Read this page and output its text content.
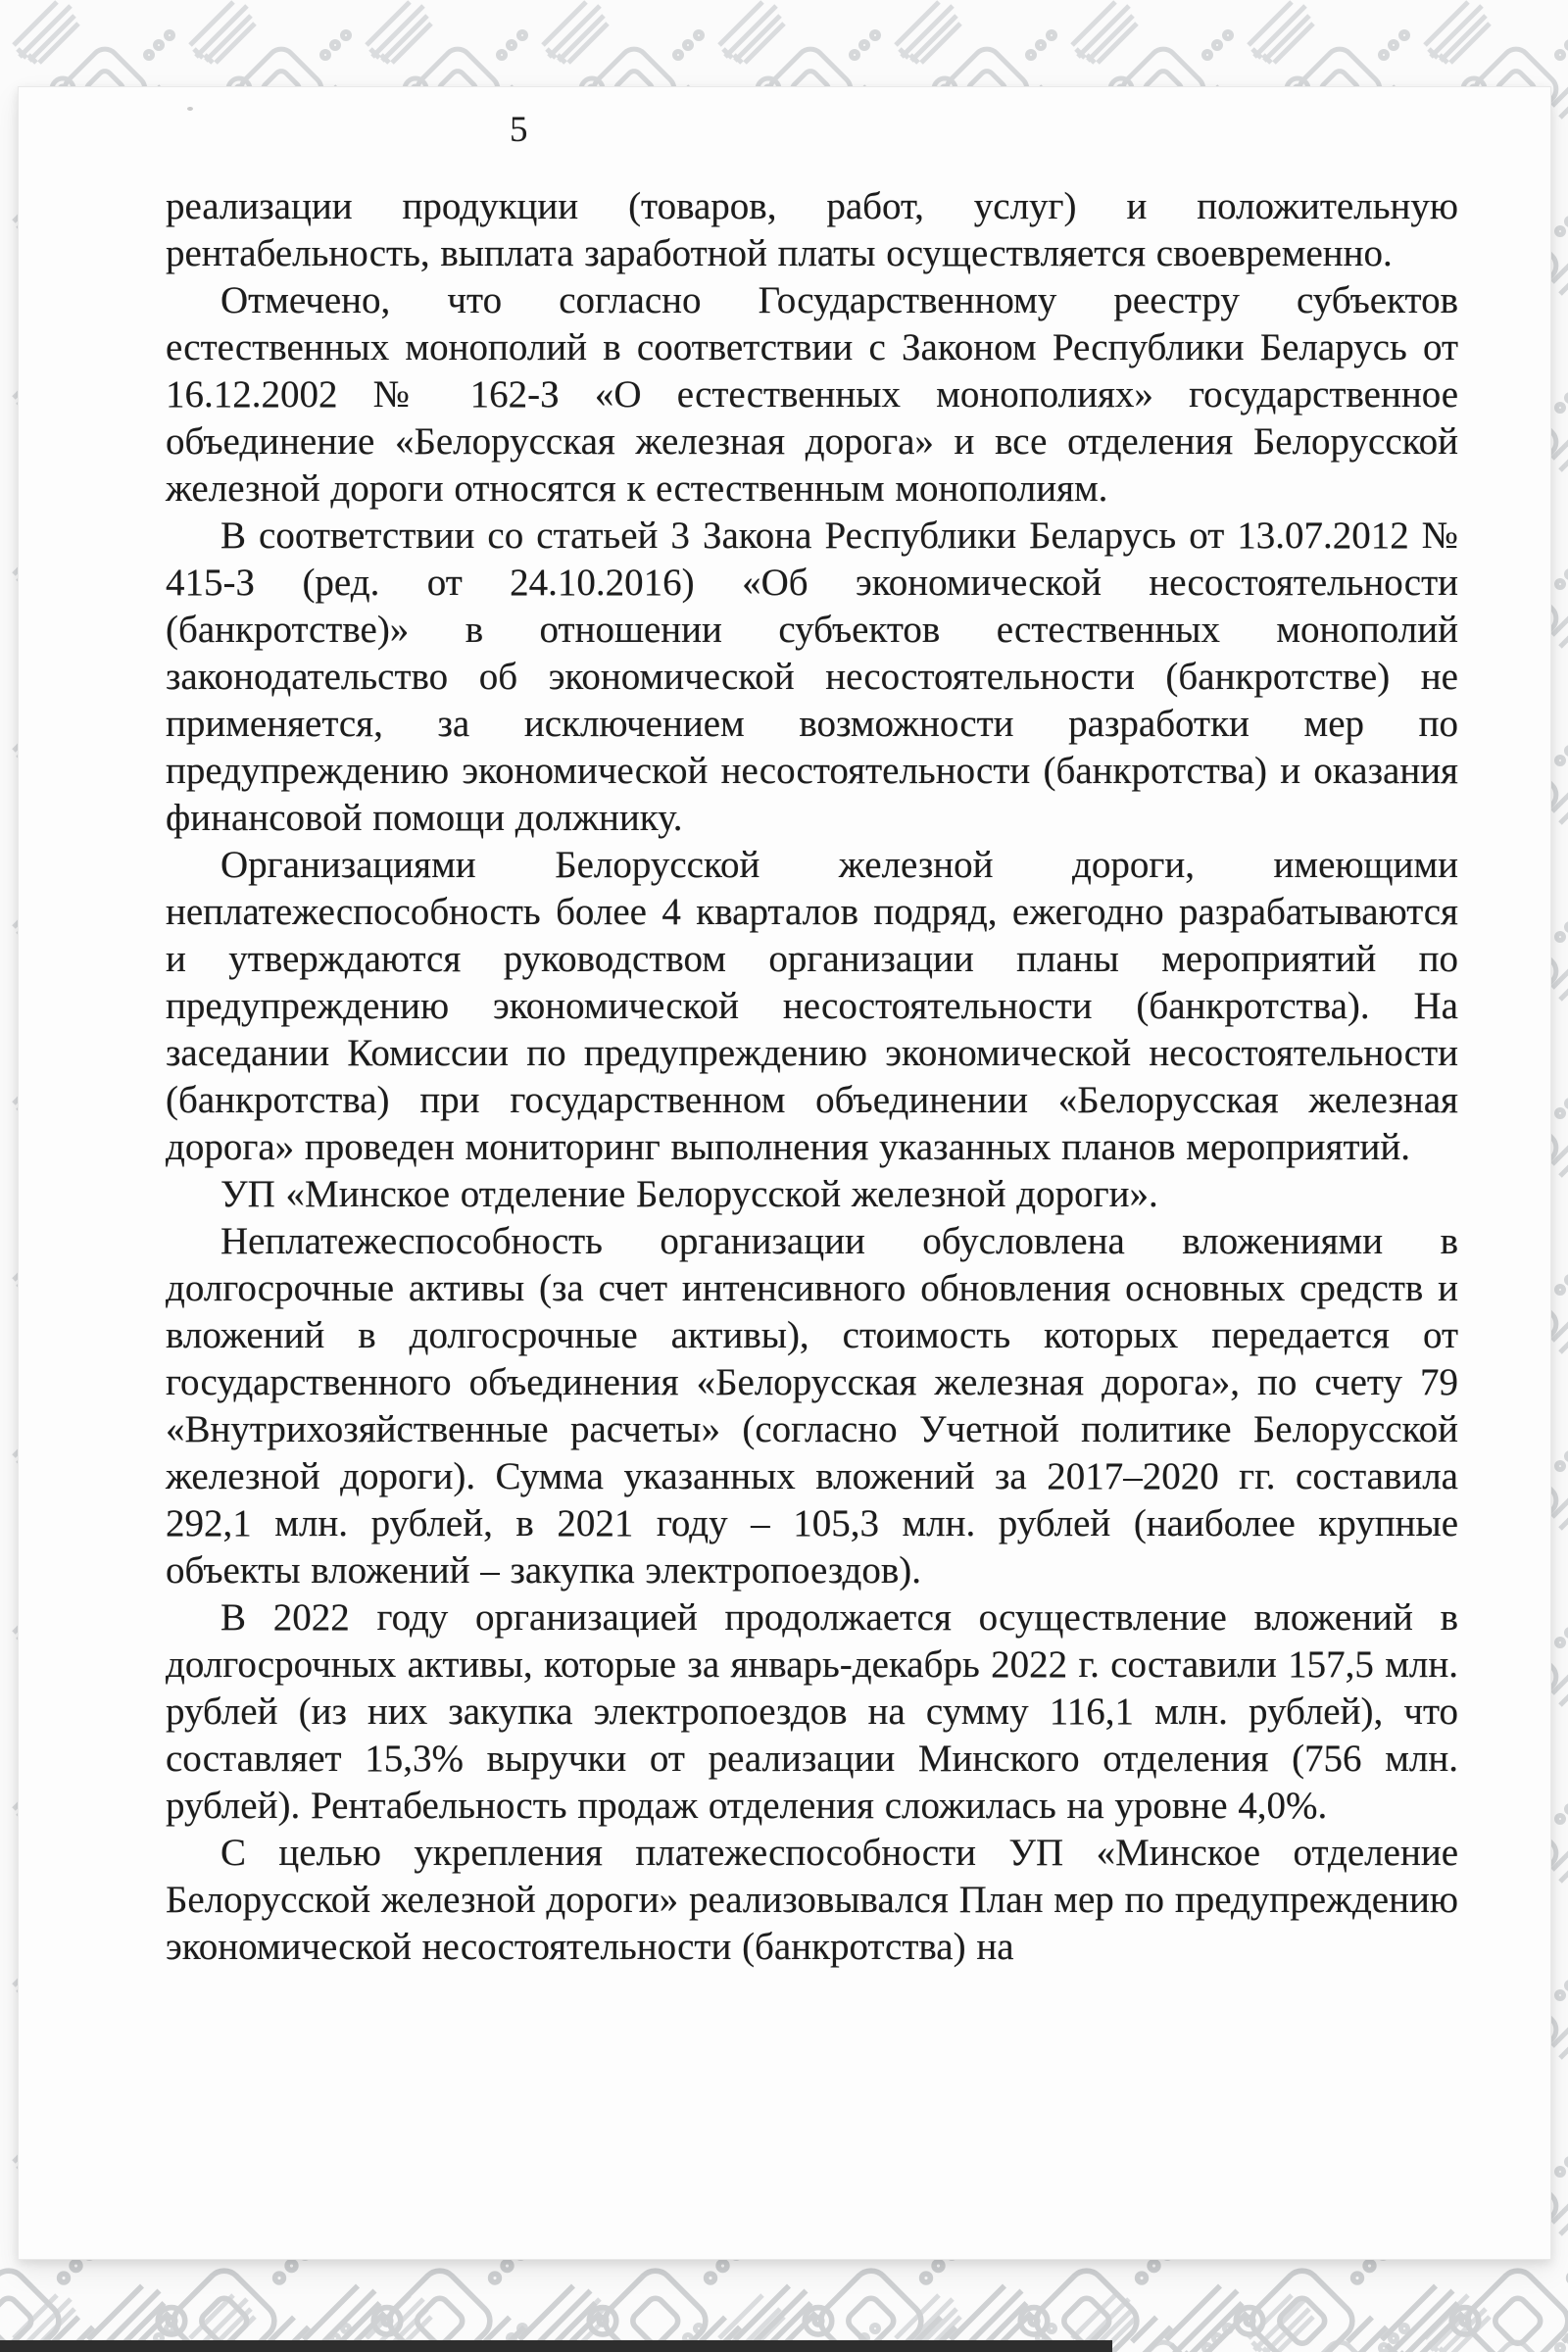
5

реализации продукции (товаров, работ, услуг) и положительную рентабельность, выплата заработной платы осуществляется своевременно.

Отмечено, что согласно Государственному реестру субъектов естественных монополий в соответствии с Законом Республики Беларусь от 16.12.2002 № 162-З «О естественных монополиях» государственное объединение «Белорусская железная дорога» и все отделения Белорусской железной дороги относятся к естественным монополиям.

В соответствии со статьей 3 Закона Республики Беларусь от 13.07.2012 № 415-З (ред. от 24.10.2016) «Об экономической несостоятельности (банкротстве)» в отношении субъектов естественных монополий законодательство об экономической несостоятельности (банкротстве) не применяется, за исключением возможности разработки мер по предупреждению экономической несостоятельности (банкротства) и оказания финансовой помощи должнику.

Организациями Белорусской железной дороги, имеющими неплатежеспособность более 4 кварталов подряд, ежегодно разрабатываются и утверждаются руководством организации планы мероприятий по предупреждению экономической несостоятельности (банкротства). На заседании Комиссии по предупреждению экономической несостоятельности (банкротства) при государственном объединении «Белорусская железная дорога» проведен мониторинг выполнения указанных планов мероприятий.

УП «Минское отделение Белорусской железной дороги».

Неплатежеспособность организации обусловлена вложениями в долгосрочные активы (за счет интенсивного обновления основных средств и вложений в долгосрочные активы), стоимость которых передается от государственного объединения «Белорусская железная дорога», по счету 79 «Внутрихозяйственные расчеты» (согласно Учетной политике Белорусской железной дороги). Сумма указанных вложений за 2017–2020 гг. составила 292,1 млн. рублей, в 2021 году – 105,3 млн. рублей (наиболее крупные объекты вложений – закупка электропоездов).

В 2022 году организацией продолжается осуществление вложений в долгосрочных активы, которые за январь-декабрь 2022 г. составили 157,5 млн. рублей (из них закупка электропоездов на сумму 116,1 млн. рублей), что составляет 15,3% выручки от реализации Минского отделения (756 млн. рублей). Рентабельность продаж отделения сложилась на уровне 4,0%.

С целью укрепления платежеспособности УП «Минское отделение Белорусской железной дороги» реализовывался План мер по предупреждению экономической несостоятельности (банкротства) на
